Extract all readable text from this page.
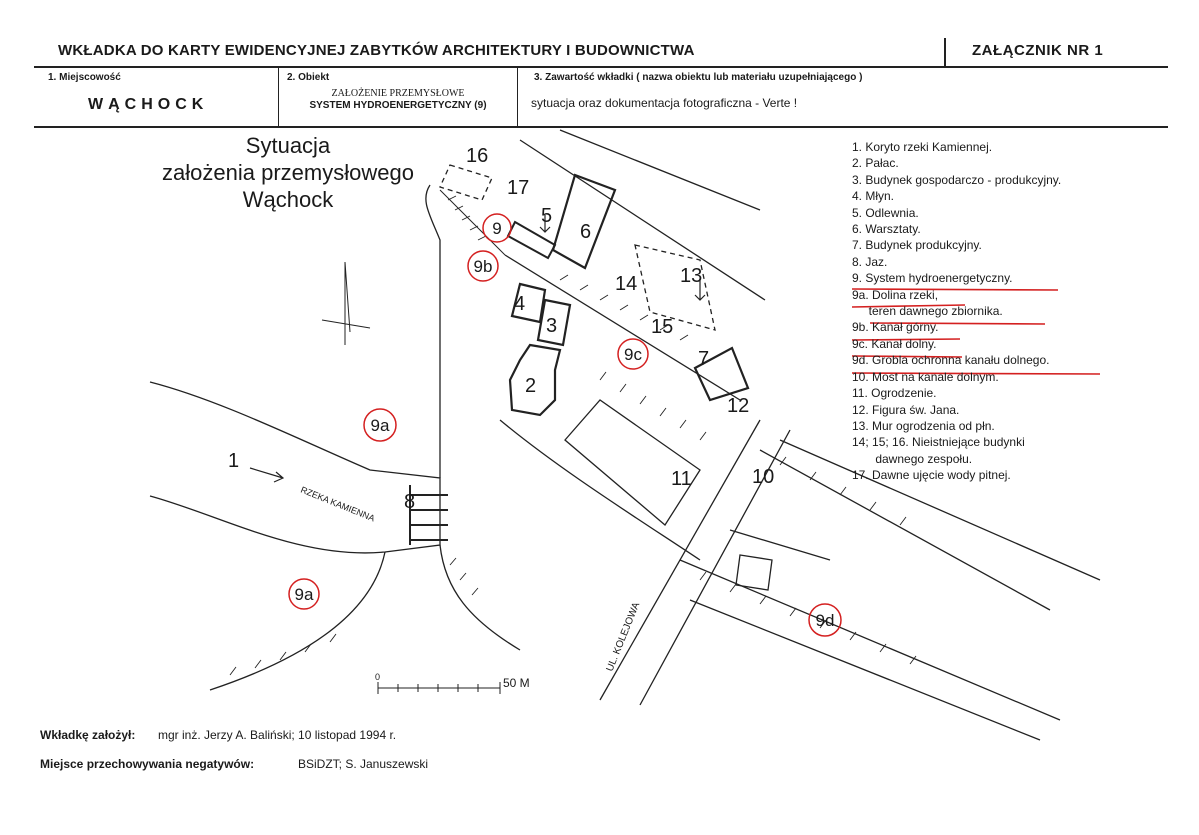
WKŁADKA DO KARTY EWIDENCYJNEJ ZABYTKÓW ARCHITEKTURY I BUDOWNICTWA	ZAŁĄCZNIK NR 1
1. Miejscowość
WĄCHOCK
2. Obiekt
ZAŁOŻENIE PRZEMYSŁOWE
SYSTEM HYDROENERGETYCZNY (9)
3. Zawartość wkładki ( nazwa obiektu lub materiału uzupełniającego )
sytuacja oraz dokumentacja fotograficzna - Verte !
Sytuacja
założenia przemysłowego
Wąchock
1
2
3
4
5
6
7
8
10
11
12
13
14
15
16
17
9
9b
9c
9a
9a
9d
RZEKA KAMIENNA
UL. KOLEJOWA
50 M
0
1. Koryto rzeki Kamiennej.
2. Pałac.
3. Budynek gospodarczo - produkcyjny.
4. Młyn.
5. Odlewnia.
6. Warsztaty.
7. Budynek produkcyjny.
8. Jaz.
9. System hydroenergetyczny.
9a. Dolina rzeki,
teren dawnego zbiornika.
9b. Kanał górny.
9c. Kanał dolny.
9d. Grobla ochronna kanału dolnego.
10. Most na kanale dolnym.
11. Ogrodzenie.
12. Figura św. Jana.
13. Mur ogrodzenia od płn.
14; 15; 16. Nieistniejące budynki
dawnego zespołu.
17. Dawne ujęcie wody pitnej.
Wkładkę założył: mgr inż. Jerzy A. Baliński; 10 listopad 1994 r.
Miejsce przechowywania negatywów:	BSiDZT; S. Januszewski
